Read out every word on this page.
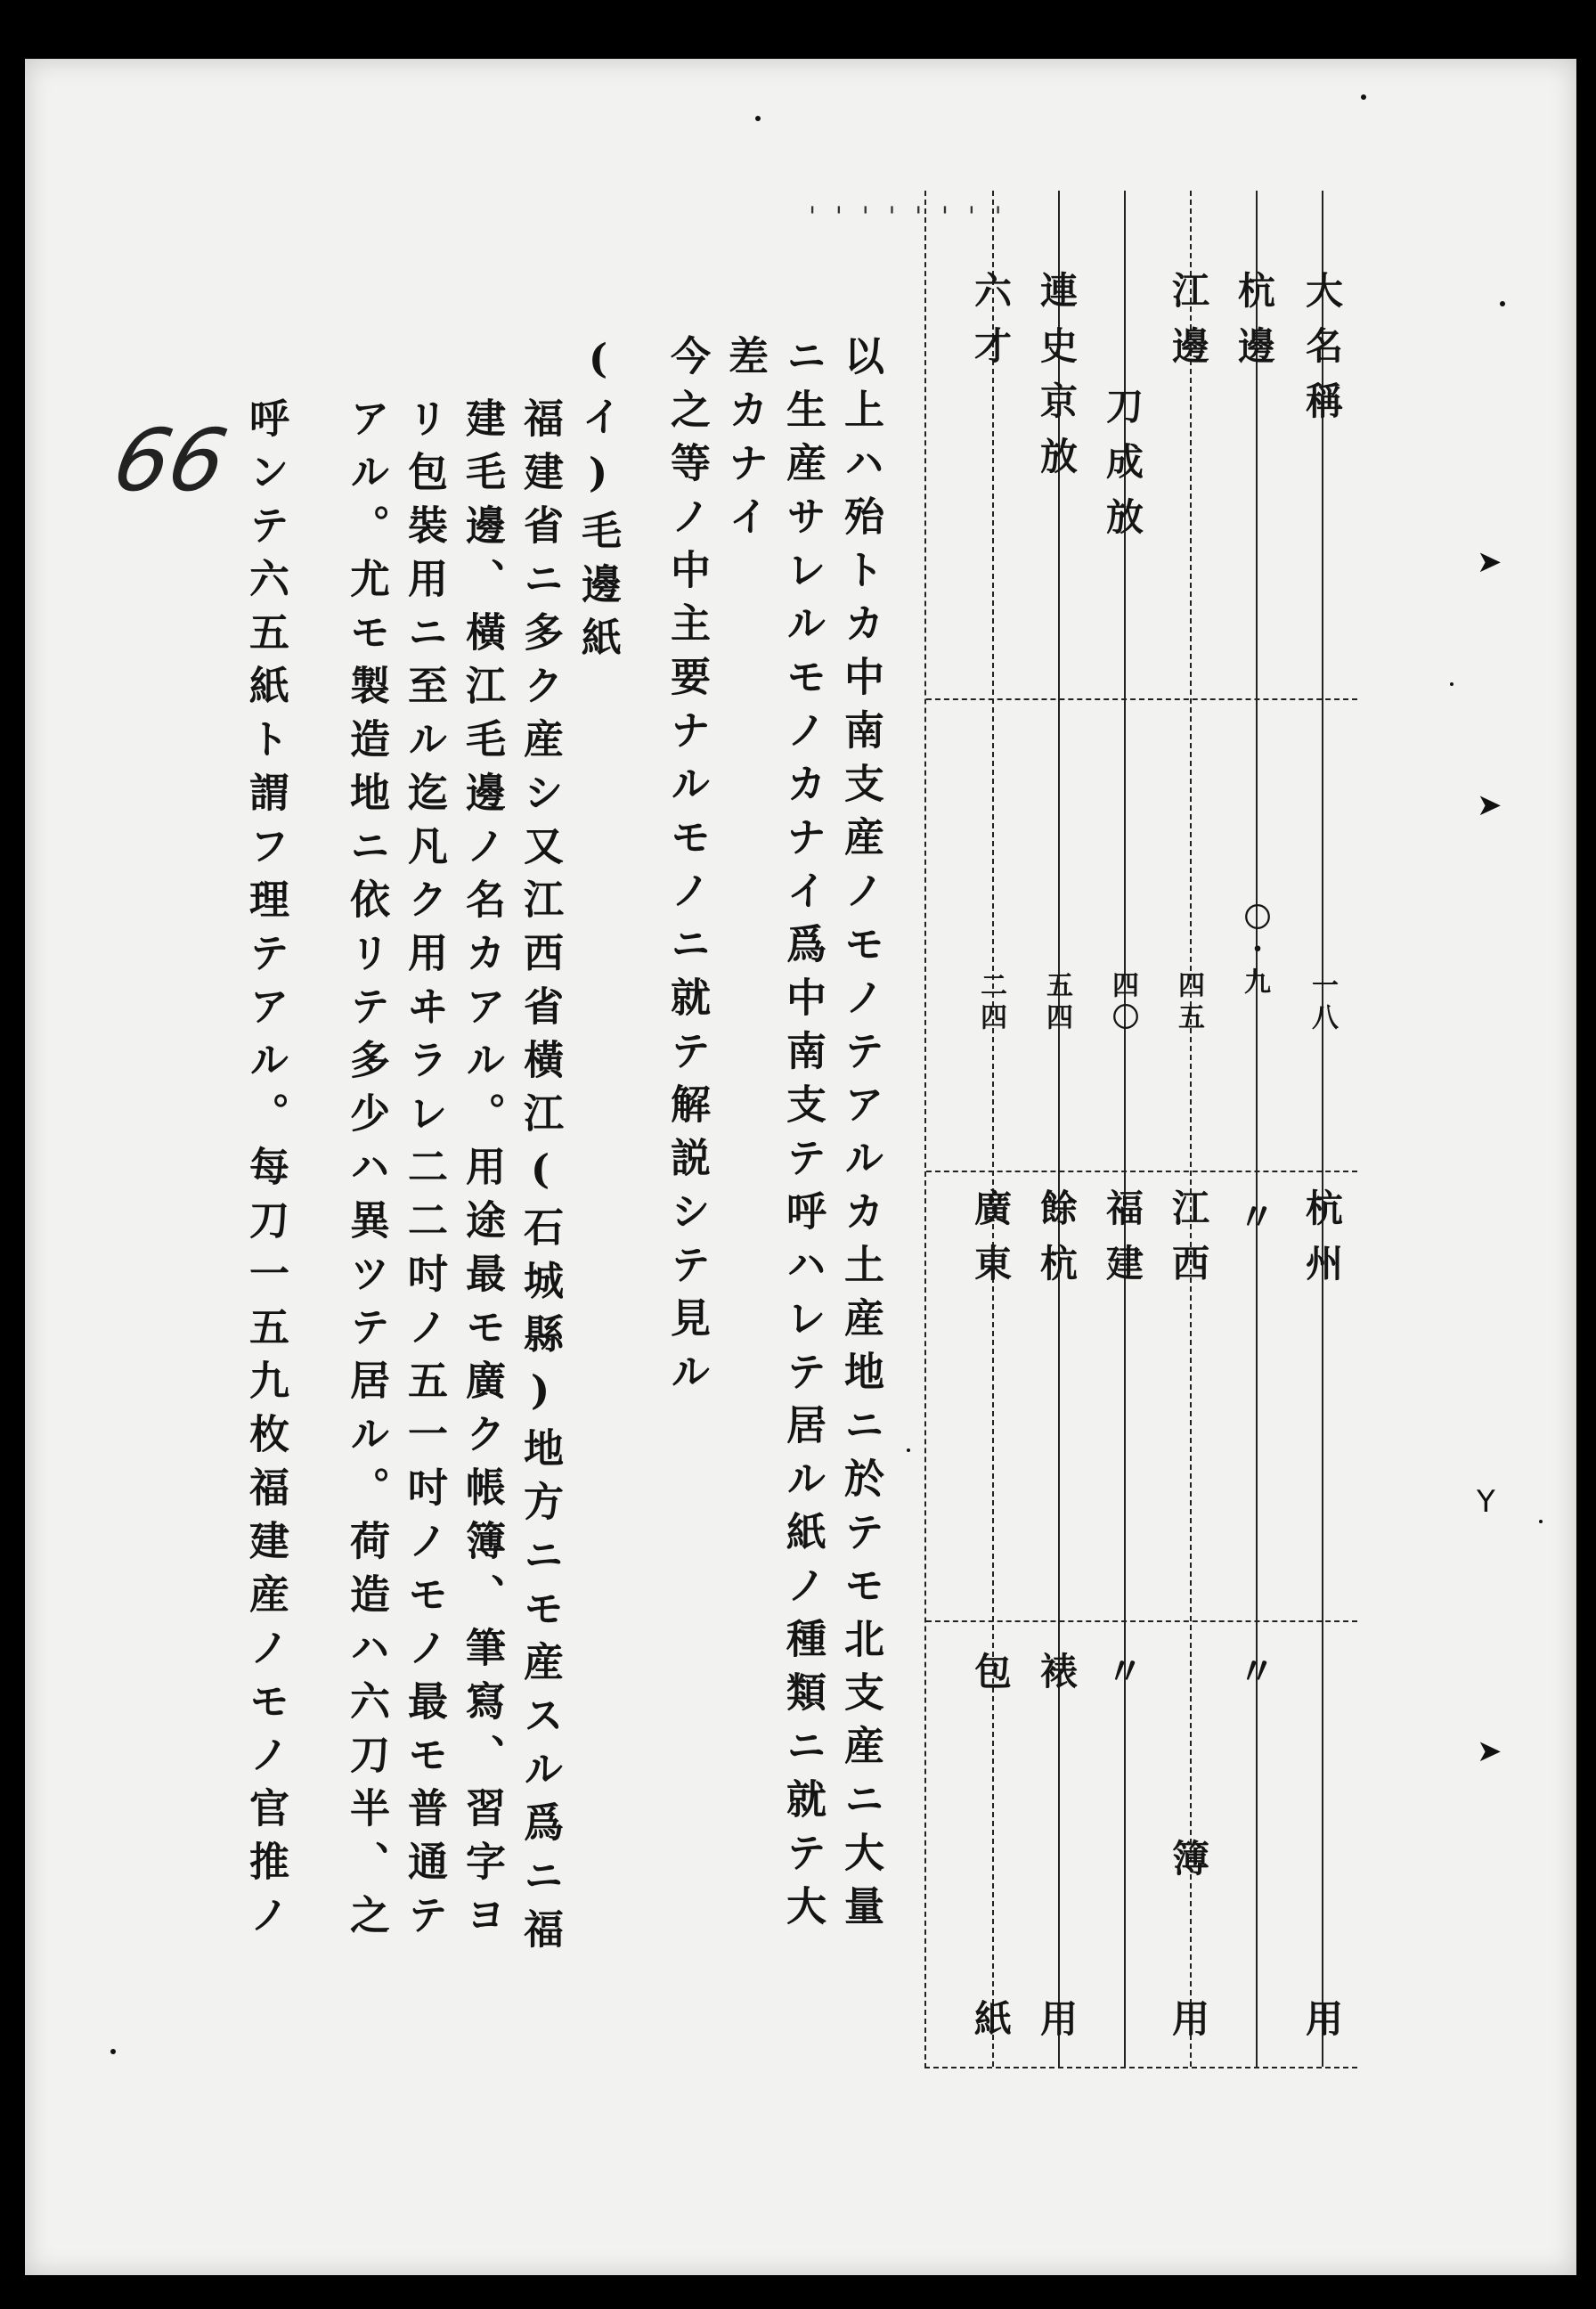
66
' ' ' ' ' ' ' '
➤
➤
Y
➤
大名稱
一八
杭州
用
杭邊
〇・九
〃
〃
江邊
四五
江西
簿
刀成放
四〇
福建
〃
連史京放
五四
餘杭
裱
六才
二四
廣東
包
用 用
紙
以上ハ殆トカ中南支産ノモノテアルカ土産地ニ於テモ北支産ニ大量
ニ生産サレルモノカナイ爲中南支テ呼ハレテ居ル紙ノ種類ニ就テ大
差カナイ
今之等ノ中主要ナルモノニ就テ解説シテ見ル
(イ)毛邊紙
福建省ニ多ク産シ又江西省橫江(石城縣)地方ニモ産スル爲ニ福
建毛邊、橫江毛邊ノ名カアル。用途最モ廣ク帳簿、筆寫、習字ヨ
リ包裝用ニ至ル迄凡ク用ヰラレ二二吋ノ五一吋ノモノ最モ普通テ
アル。尤モ製造地ニ依リテ多少ハ異ツテ居ル。荷造ハ六刀半、之
呼ンテ六五紙ト謂フ理テアル。每刀一五九枚福建産ノモノ官推ノ
